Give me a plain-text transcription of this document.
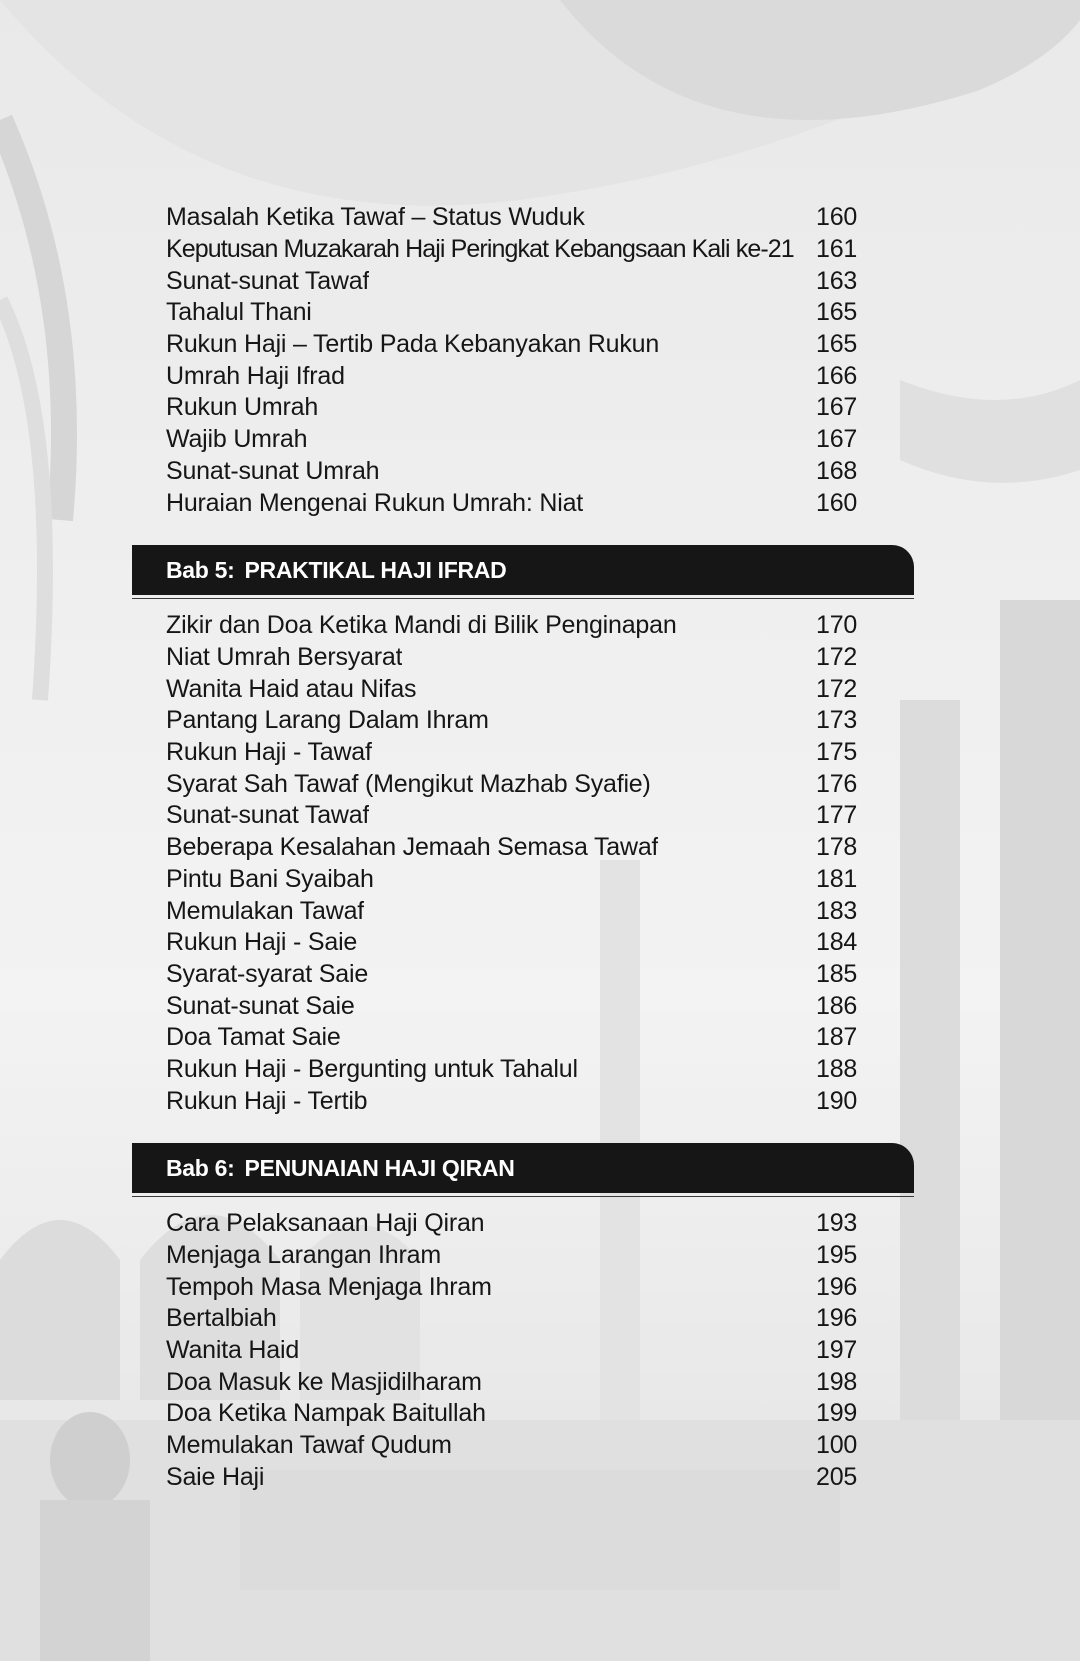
Masalah Ketika Tawaf – Status Wuduk	160
Keputusan Muzakarah Haji Peringkat Kebangsaan Kali ke-21 161
Sunat-sunat Tawaf	163
Tahalul Thani	165
Rukun Haji – Tertib Pada Kebanyakan Rukun	165
Umrah Haji Ifrad	166
Rukun Umrah	167
Wajib Umrah	167
Sunat-sunat Umrah	168
Huraian Mengenai Rukun Umrah: Niat	160
Bab 5: PRAKTIKAL HAJI IFRAD
Zikir dan Doa Ketika Mandi di Bilik Penginapan	170
Niat Umrah Bersyarat	172
Wanita Haid atau Nifas	172
Pantang Larang Dalam Ihram	173
Rukun Haji - Tawaf	175
Syarat Sah Tawaf (Mengikut Mazhab Syafie)	176
Sunat-sunat Tawaf	177
Beberapa Kesalahan Jemaah Semasa Tawaf	178
Pintu Bani Syaibah	181
Memulakan Tawaf	183
Rukun Haji - Saie	184
Syarat-syarat Saie	185
Sunat-sunat Saie	186
Doa Tamat Saie	187
Rukun Haji - Bergunting untuk Tahalul	188
Rukun Haji - Tertib	190
Bab 6: PENUNAIAN HAJI QIRAN
Cara Pelaksanaan Haji Qiran	193
Menjaga Larangan Ihram	195
Tempoh Masa Menjaga Ihram	196
Bertalbiah	196
Wanita Haid	197
Doa Masuk ke Masjidilharam	198
Doa Ketika Nampak Baitullah	199
Memulakan Tawaf Qudum	100
Saie Haji	205
